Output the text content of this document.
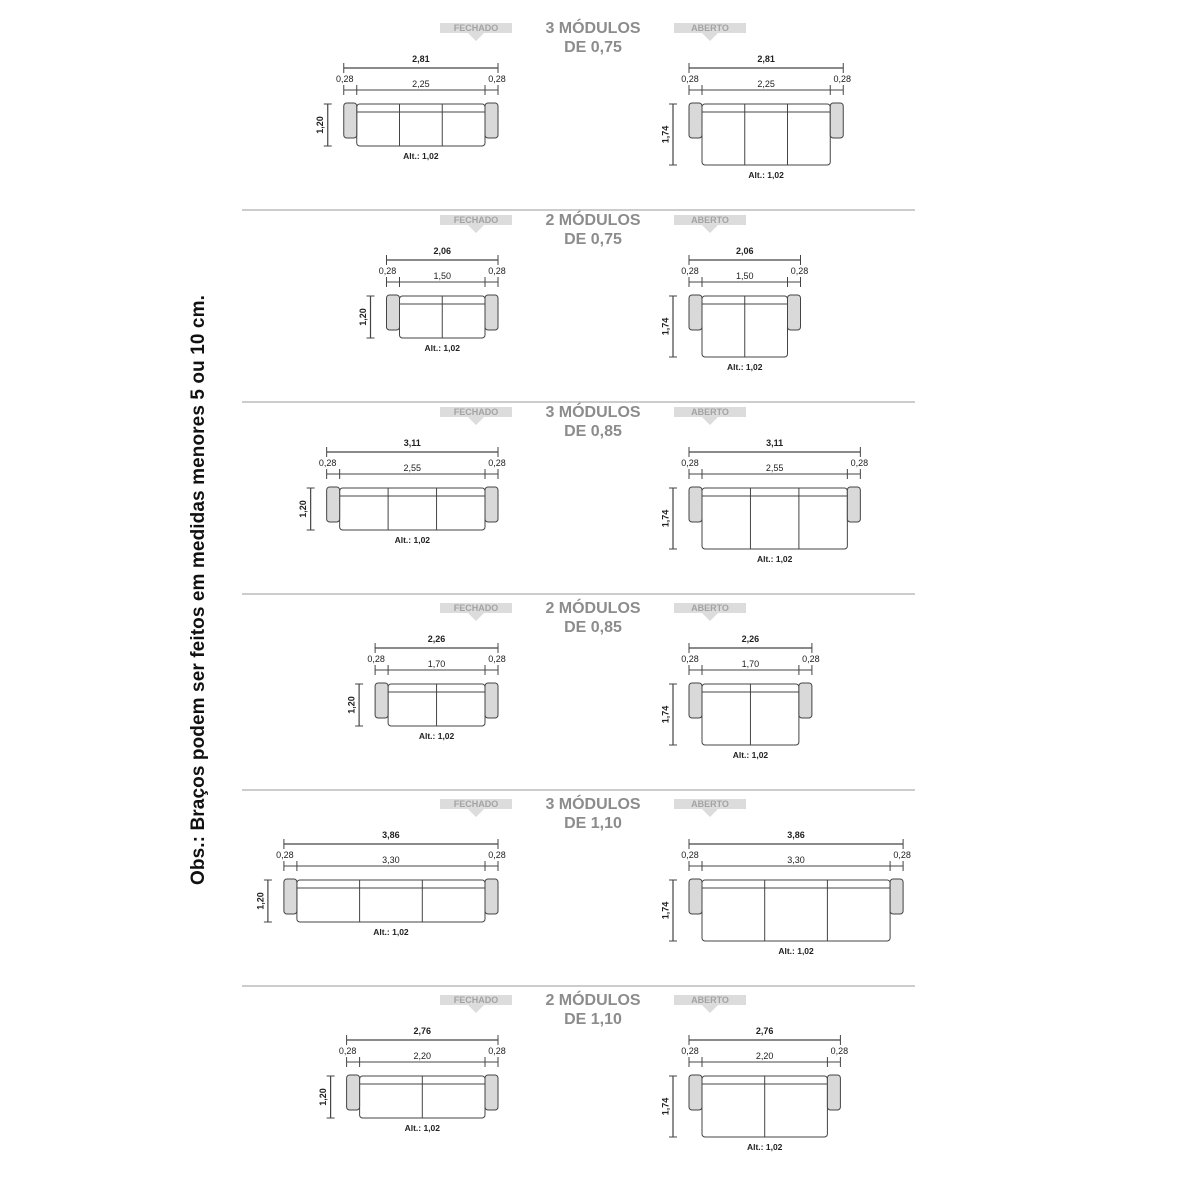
Obs.: Braços podem ser feitos em medidas menores 5 ou 10 cm.
3 MÓDULOS
DE 0,75
FECHADO	ABERTO
2,81
0,28	0,28
2,25
1,20
Alt.: 1,02
2,81
0,28	0,28
2,25
1,74
Alt.: 1,02
2 MÓDULOS
DE 0,75
FECHADO	ABERTO
2,06
0,28	0,28
1,50
1,20
Alt.: 1,02
2,06
0,28	0,28
1,50
1,74
Alt.: 1,02
3 MÓDULOS
DE 0,85
FECHADO	ABERTO
3,11
0,28	0,28
2,55
1,20
Alt.: 1,02
3,11
0,28	0,28
2,55
1,74
Alt.: 1,02
2 MÓDULOS
DE 0,85
FECHADO	ABERTO
2,26
0,28	0,28
1,70
1,20
Alt.: 1,02
2,26
0,28	0,28
1,70
1,74
Alt.: 1,02
3 MÓDULOS
DE 1,10
FECHADO	ABERTO
3,86
0,28	0,28
3,30
1,20
Alt.: 1,02
3,86
0,28	0,28
3,30
1,74
Alt.: 1,02
2 MÓDULOS
DE 1,10
FECHADO	ABERTO
2,76
0,28	0,28
2,20
1,20
Alt.: 1,02
2,76
0,28	0,28
2,20
1,74
Alt.: 1,02
